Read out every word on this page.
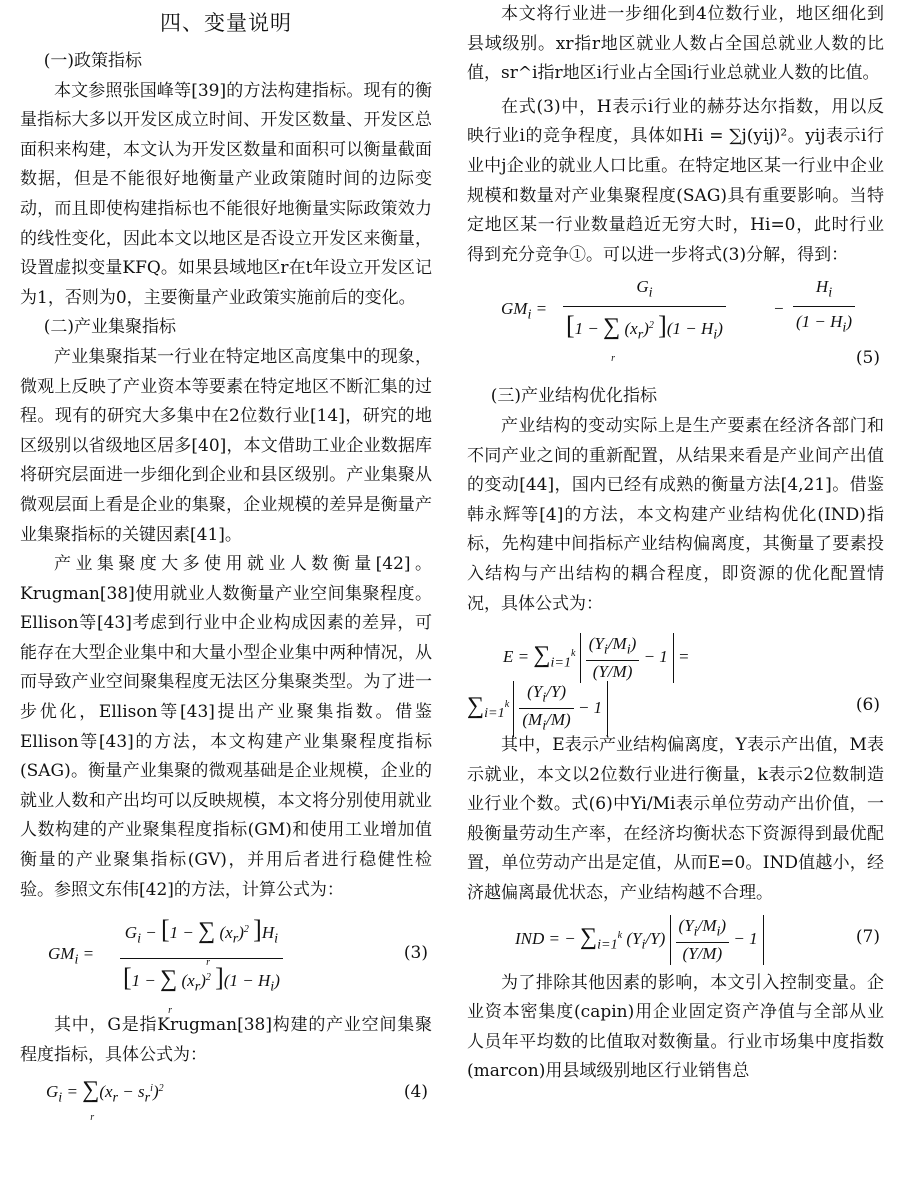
四、变量说明

(一)政策指标

本文参照张国峰等[39]的方法构建指标。现有的衡量指标大多以开发区成立时间、开发区数量、开发区总面积来构建，本文认为开发区数量和面积可以衡量截面数据，但是不能很好地衡量产业政策随时间的边际变动，而且即使构建指标也不能很好地衡量实际政策效力的线性变化，因此本文以地区是否设立开发区来衡量，设置虚拟变量KFQ。如果县域地区r在t年设立开发区记为1，否则为0，主要衡量产业政策实施前后的变化。

(二)产业集聚指标

产业集聚指某一行业在特定地区高度集中的现象，微观上反映了产业资本等要素在特定地区不断汇集的过程。现有的研究大多集中在2位数行业[14]，研究的地区级别以省级地区居多[40]，本文借助工业企业数据库将研究层面进一步细化到企业和县区级别。产业集聚从微观层面上看是企业的集聚，企业规模的差异是衡量产业集聚指标的关键因素[41]。

产业集聚度大多使用就业人数衡量[42]。Krugman[38]使用就业人数衡量产业空间集聚程度。Ellison等[43]考虑到行业中企业构成因素的差异，可能存在大型企业集中和大量小型企业集中两种情况，从而导致产业空间聚集程度无法区分集聚类型。为了进一步优化，Ellison等[43]提出产业聚集指数。借鉴Ellison等[43]的方法，本文构建产业集聚程度指标(SAG)。衡量产业集聚的微观基础是企业规模，企业的就业人数和产出均可以反映规模，本文将分别使用就业人数构建的产业聚集程度指标(GM)和使用工业增加值衡量的产业聚集指标(GV)，并用后者进行稳健性检验。参照文东伟[42]的方法，计算公式为：

$GM_i = G_i - [1$ − ∑
r
$(x_r)^2$ ]$H_i$
[1 − ∑
r
$(x_r)^2$ ]$(1 - H_i)$	(3)

其中，G是指Krugman[38]构建的产业空间集聚程度指标，具体公式为：

$G_i$ = ∑
r
$(x_r - s_r^i)^2$	(4)

本文将行业进一步细化到4位数行业，地区细化到县域级别。xr指r地区就业人数占全国总就业人数的比值，sr^i指r地区i行业占全国i行业总就业人数的比值。

在式(3)中，H表示i行业的赫芬达尔指数，用以反映行业i的竞争程度，具体如Hi = ∑j(yij)²。yij表示i行业中j企业的就业人口比重。在特定地区某一行业中企业规模和数量对产业集聚程度(SAG)具有重要影响。当特定地区某一行业数量趋近无穷大时，Hi=0，此时行业得到充分竞争①。可以进一步将式(3)分解，得到：

$GM_i = G_i$
[1 − ∑
r
$(x_r)^2$ ]$(1 - H_i)$	− $\frac{H_i}{(1 - H_i)}$
(5)

(三)产业结构优化指标

产业结构的变动实际上是生产要素在经济各部门和不同产业之间的重新配置，从结果来看是产业间产出值的变动[44]，国内已经有成熟的衡量方法[4,21]。借鉴韩永辉等[4]的方法，本文构建产业结构优化(IND)指标，先构建中间指标产业结构偏离度，其衡量了要素投入结构与产出结构的耦合程度，即资源的优化配置情况，具体公式为：

$E = \sum_{i=1}^k \frac{(Y_i/M_i)}{(Y/M)} - 1$ =
$\sum_{i=1}^k \frac{(Y_i/Y)}{(M_i/M)} - 1$	(6)

其中，E表示产业结构偏离度，Y表示产出值，M表示就业，本文以2位数行业进行衡量，k表示2位数制造业行业个数。式(6)中Yi/Mi表示单位劳动产出价值，一般衡量劳动生产率，在经济均衡状态下资源得到最优配置，单位劳动产出是定值，从而E=0。IND值越小，经济越偏离最优状态，产业结构越不合理。

IND = − $\sum_{i=1}^k$ $(Y_i/Y) \frac{(Y_i/M_i)}{(Y/M)} - 1$	(7)

为了排除其他因素的影响，本文引入控制变量。企业资本密集度(capin)用企业固定资产净值与全部从业人员年平均数的比值取对数衡量。行业市场集中度指数(marcon)用县域级别地区行业销售总
